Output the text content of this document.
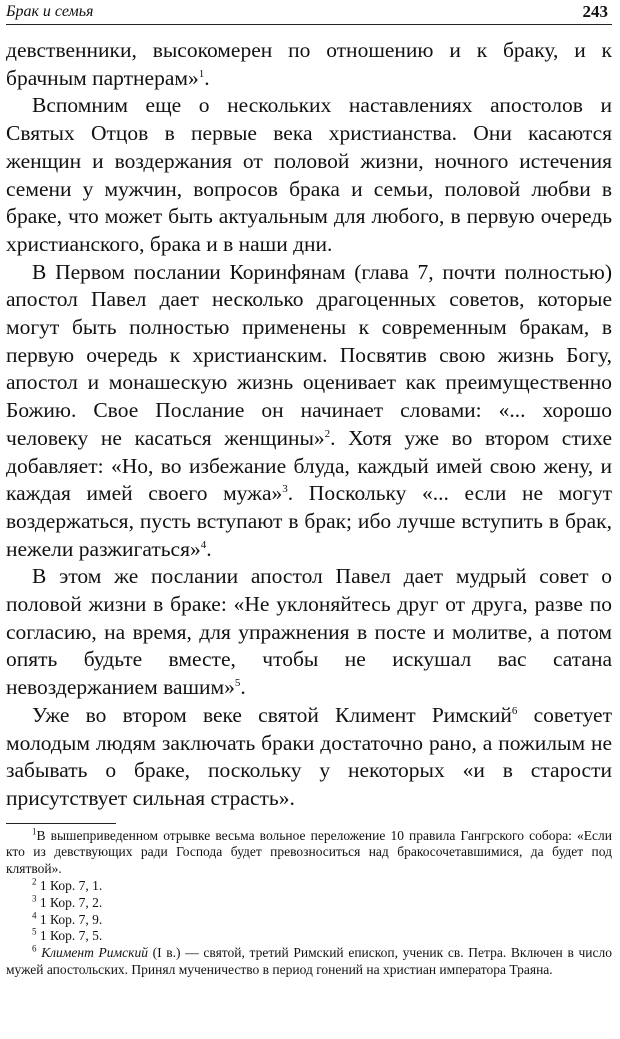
Брак и семья	243

девственники, высокомерен по отношению и к браку, и к брачным партнерам»$^1$.

Вспомним еще о нескольких наставлениях апостолов и Святых Отцов в первые века христианства. Они касаются женщин и воздержания от половой жизни, ночного истечения семени у мужчин, вопросов брака и семьи, половой любви в браке, что может быть актуальным для любого, в первую очередь христианского, брака и в наши дни.

В Первом послании Коринфянам (глава 7, почти полностью) апостол Павел дает несколько драгоценных советов, которые могут быть полностью применены к современным бракам, в первую очередь к христианским. Посвятив свою жизнь Богу, апостол и монашескую жизнь оценивает как преимущественно Божию. Свое Послание он начинает словами: «... хорошо человеку не касаться женщины»$^2$. Хотя уже во втором стихе добавляет: «Но, во избежание блуда, каждый имей свою жену, и каждая имей своего мужа»$^3$. Поскольку «... если не могут воздержаться, пусть вступают в брак; ибо лучше вступить в брак, нежели разжигаться»$^4$.

В этом же послании апостол Павел дает мудрый совет о половой жизни в браке: «Не уклоняйтесь друг от друга, разве по согласию, на время, для упражнения в посте и молитве, а потом опять будьте вместе, чтобы не искушал вас сатана невоздержанием вашим»$^5$.

Уже во втором веке святой Климент Римский$^6$ советует молодым людям заключать браки достаточно рано, а пожилым не забывать о браке, поскольку у некоторых «и в старости присутствует сильная страсть».

$^1$В вышеприведенном отрывке весьма вольное переложение 10 правила Гангрского собора: «Если кто из девствующих ради Господа будет превозноситься над бракосочетавшимися, да будет под клятвой».

$^2$ 1 Кор. 7, 1.

$^3$ 1 Кор. 7, 2.

$^4$ 1 Кор. 7, 9.

$^5$ 1 Кор. 7, 5.

$^6$ Климент Римский (I в.) — святой, третий Римский епископ, ученик св. Петра. Включен в число мужей апостольских. Принял мученичество в период гонений на христиан императора Траяна.
